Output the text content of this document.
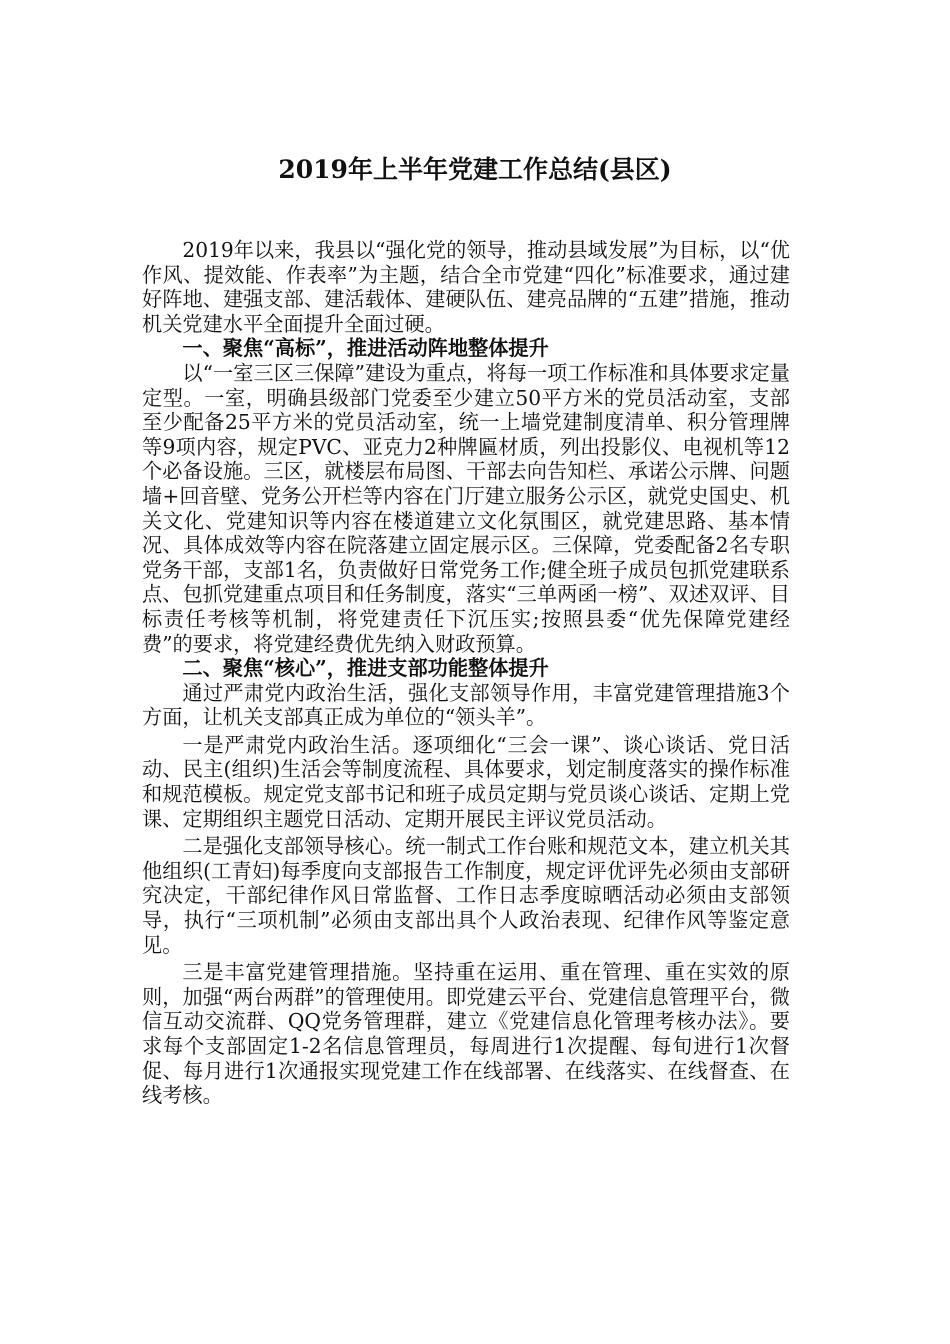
2019年上半年党建工作总结(县区)

2019年以来，我县以“强化党的领导，推动县域发展”为目标，以“优作风、提效能、作表率”为主题，结合全市党建“四化”标准要求，通过建好阵地、建强支部、建活载体、建硬队伍、建亮品牌的“五建”措施，推动机关党建水平全面提升全面过硬。

一、聚焦“高标”，推进活动阵地整体提升

以“一室三区三保障”建设为重点，将每一项工作标准和具体要求定量定型。一室，明确县级部门党委至少建立50平方米的党员活动室，支部至少配备25平方米的党员活动室，统一上墙党建制度清单、积分管理牌等9项内容，规定PVC、亚克力2种牌匾材质，列出投影仪、电视机等12个必备设施。三区，就楼层布局图、干部去向告知栏、承诺公示牌、问题墙+回音壁、党务公开栏等内容在门厅建立服务公示区，就党史国史、机关文化、党建知识等内容在楼道建立文化氛围区，就党建思路、基本情况、具体成效等内容在院落建立固定展示区。三保障，党委配备2名专职党务干部，支部1名，负责做好日常党务工作;健全班子成员包抓党建联系点、包抓党建重点项目和任务制度，落实“三单两函一榜”、双述双评、目标责任考核等机制，将党建责任下沉压实;按照县委“优先保障党建经费”的要求，将党建经费优先纳入财政预算。

二、聚焦“核心”，推进支部功能整体提升

通过严肃党内政治生活，强化支部领导作用，丰富党建管理措施3个方面，让机关支部真正成为单位的“领头羊”。

一是严肃党内政治生活。逐项细化“三会一课”、谈心谈话、党日活动、民主(组织)生活会等制度流程、具体要求，划定制度落实的操作标准和规范模板。规定党支部书记和班子成员定期与党员谈心谈话、定期上党课、定期组织主题党日活动、定期开展民主评议党员活动。

二是强化支部领导核心。统一制式工作台账和规范文本，建立机关其他组织(工青妇)每季度向支部报告工作制度，规定评优评先必须由支部研究决定，干部纪律作风日常监督、工作日志季度晾晒活动必须由支部领导，执行“三项机制”必须由支部出具个人政治表现、纪律作风等鉴定意见。

三是丰富党建管理措施。坚持重在运用、重在管理、重在实效的原则，加强“两台两群”的管理使用。即党建云平台、党建信息管理平台，微信互动交流群、QQ党务管理群，建立《党建信息化管理考核办法》。要求每个支部固定1-2名信息管理员，每周进行1次提醒、每旬进行1次督促、每月进行1次通报实现党建工作在线部署、在线落实、在线督查、在线考核。
